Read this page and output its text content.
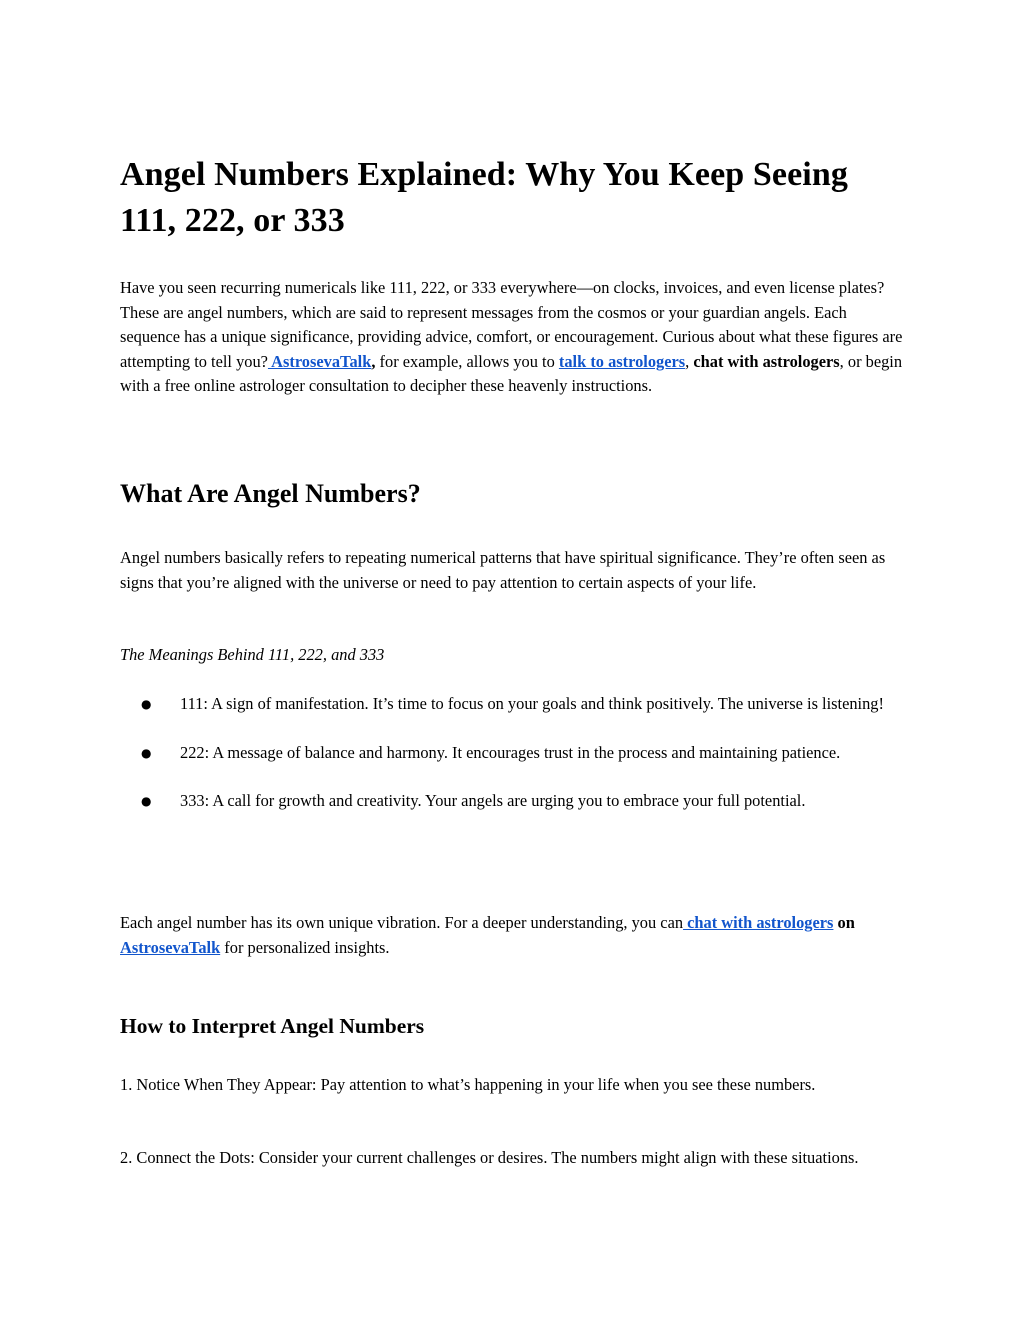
Angel Numbers Explained: Why You Keep Seeing 111, 222, or 333

Have you seen recurring numericals like 111, 222, or 333 everywhere—on clocks, invoices, and even license plates? These are angel numbers, which are said to represent messages from the cosmos or your guardian angels. Each sequence has a unique significance, providing advice, comfort, or encouragement. Curious about what these figures are attempting to tell you? AstrosevaTalk, for example, allows you to talk to astrologers, chat with astrologers, or begin with a free online astrologer consultation to decipher these heavenly instructions.

What Are Angel Numbers?

Angel numbers basically refers to repeating numerical patterns that have spiritual significance. They’re often seen as signs that you’re aligned with the universe or need to pay attention to certain aspects of your life.

The Meanings Behind 111, 222, and 333

● 111: A sign of manifestation. It’s time to focus on your goals and think positively. The universe is listening!
● 222: A message of balance and harmony. It encourages trust in the process and maintaining patience.
● 333: A call for growth and creativity. Your angels are urging you to embrace your full potential.

Each angel number has its own unique vibration. For a deeper understanding, you can chat with astrologers on AstrosevaTalk for personalized insights.

How to Interpret Angel Numbers

1. Notice When They Appear: Pay attention to what’s happening in your life when you see these numbers.

2. Connect the Dots: Consider your current challenges or desires. The numbers might align with these situations.
